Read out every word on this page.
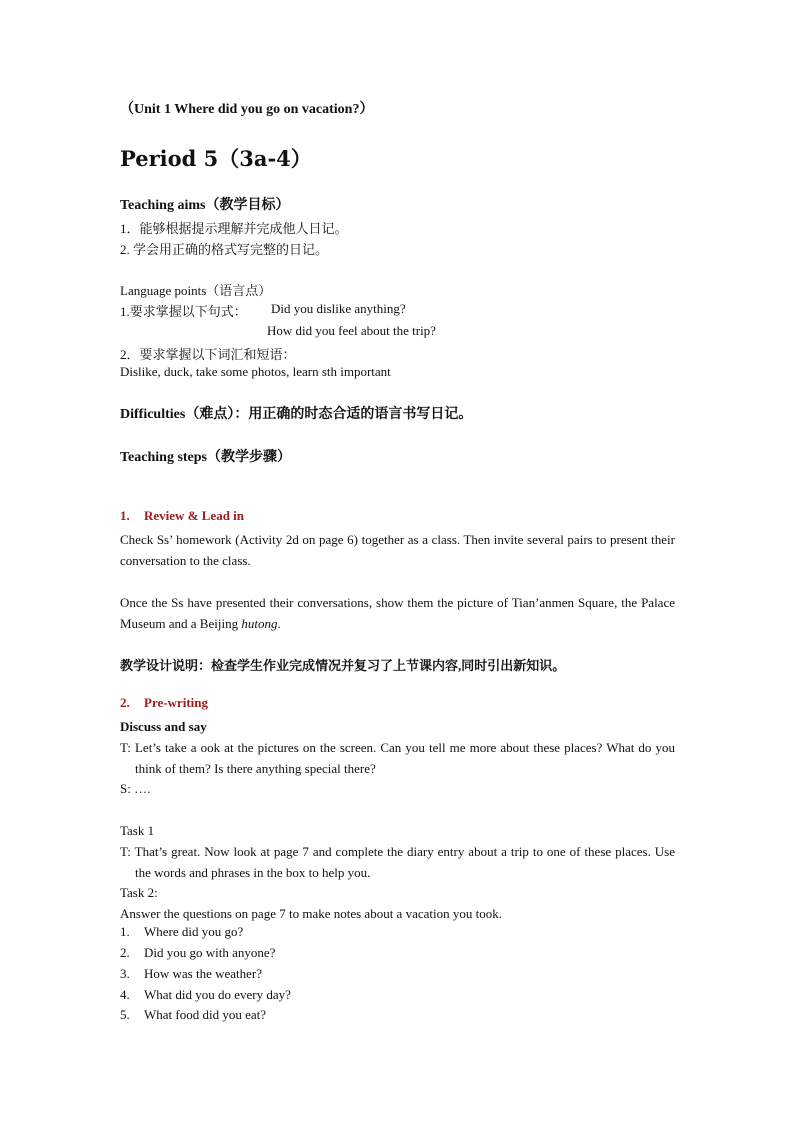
（Unit 1 Where did you go on vacation?）
Period 5（3a-4）
Teaching aims（教学目标）
1．能够根据提示理解并完成他人日记。
2. 学会用正确的格式写完整的日记。
Language points（语言点）
1.要求掌握以下句式： Did you dislike anything?
How did you feel about the trip?
2．要求掌握以下词汇和短语：
Dislike, duck, take some photos, learn sth important
Difficulties（难点）：用正确的时态合适的语言书写日记。
Teaching steps（教学步骤）
1. Review & Lead in
Check Ss’ homework (Activity 2d on page 6) together as a class. Then invite several pairs to present their conversation to the class.
Once the Ss have presented their conversations, show them the picture of Tian’anmen Square, the Palace Museum and a Beijing hutong.
教学设计说明：检查学生作业完成情况并复习了上节课内容,同时引出新知识。
2. Pre-writing
Discuss and say
T: Let’s take a ook at the pictures on the screen. Can you tell me more about these places? What do you think of them? Is there anything special there?
S: ….
Task 1
T: That’s great. Now look at page 7 and complete the diary entry about a trip to one of these places. Use the words and phrases in the box to help you.
Task 2:
Answer the questions on page 7 to make notes about a vacation you took.
1. Where did you go?
2. Did you go with anyone?
3. How was the weather?
4. What did you do every day?
5. What food did you eat?
